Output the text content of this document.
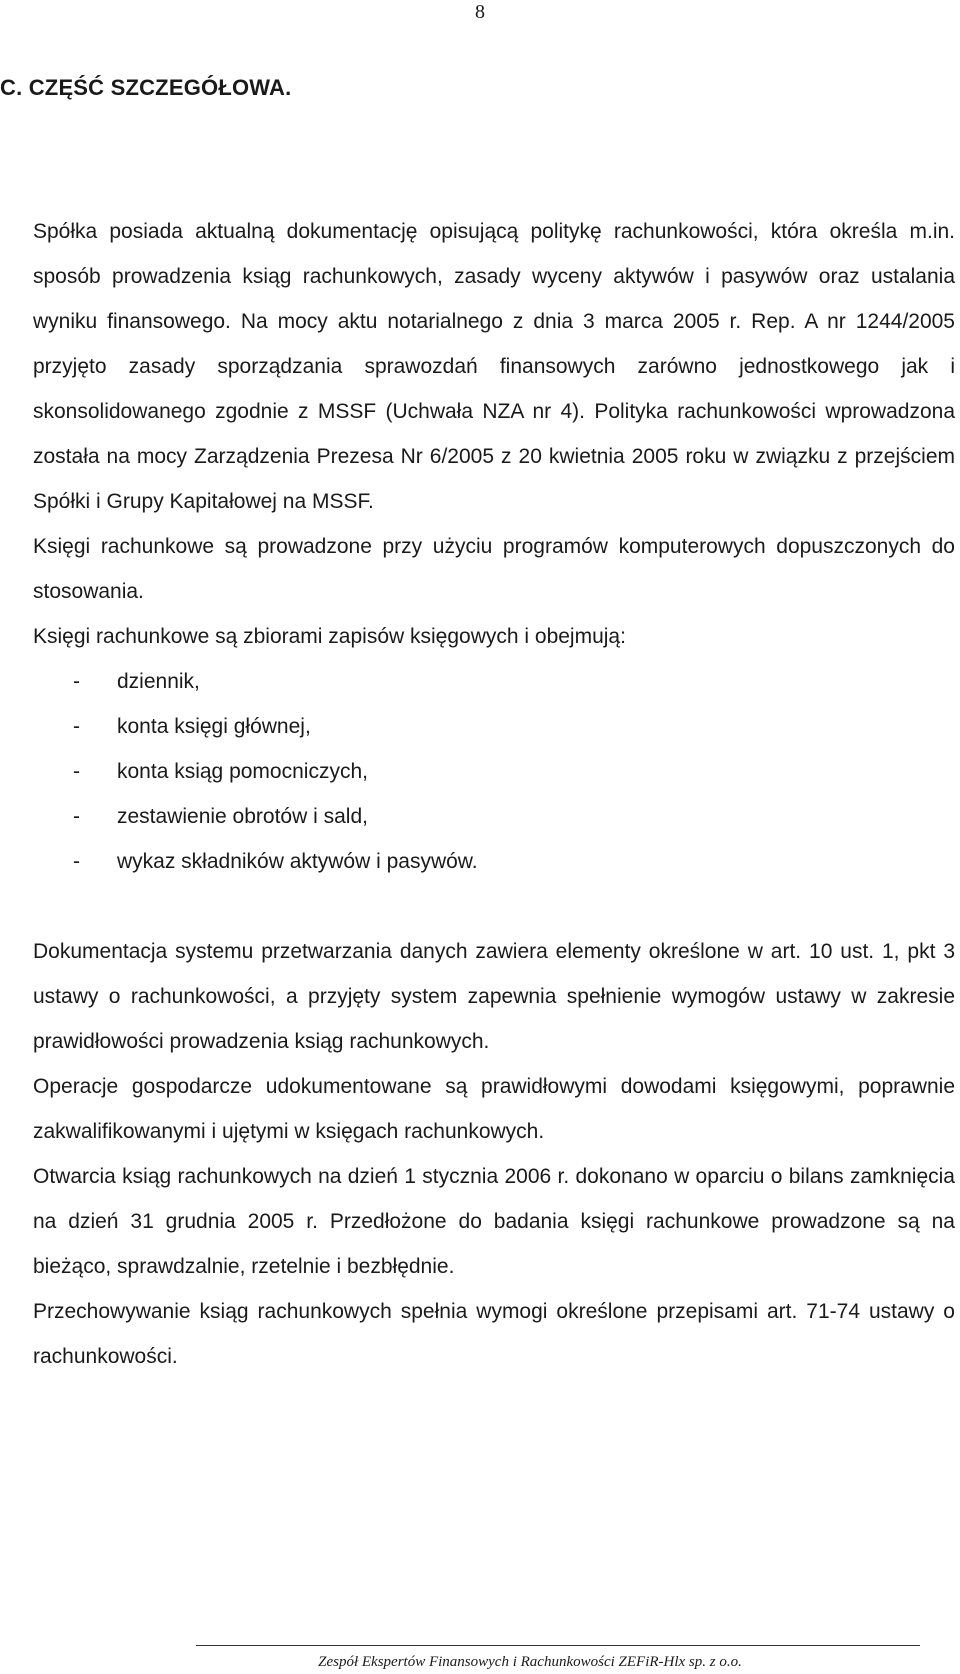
8
C. CZĘŚĆ SZCZEGÓŁOWA.

Spółka posiada aktualną dokumentację opisującą politykę rachunkowości, która określa m.in. sposób prowadzenia ksiąg rachunkowych, zasady wyceny aktywów i pasywów oraz ustalania wyniku finansowego. Na mocy aktu notarialnego z dnia 3 marca 2005 r. Rep. A nr 1244/2005 przyjęto zasady sporządzania sprawozdań finansowych zarówno jednostkowego jak i skonsolidowanego zgodnie z MSSF (Uchwała NZA nr 4). Polityka rachunkowości wprowadzona została na mocy Zarządzenia Prezesa Nr 6/2005 z 20 kwietnia 2005 roku w związku z przejściem Spółki i Grupy Kapitałowej na MSSF.

Księgi rachunkowe są prowadzone przy użyciu programów komputerowych dopuszczonych do stosowania.

Księgi rachunkowe są zbiorami zapisów księgowych i obejmują:

- dziennik,
- konta księgi głównej,
- konta ksiąg pomocniczych,
- zestawienie obrotów i sald,
- wykaz składników aktywów i pasywów.

Dokumentacja systemu przetwarzania danych zawiera elementy określone w art. 10 ust. 1, pkt 3 ustawy o rachunkowości, a przyjęty system zapewnia spełnienie wymogów ustawy w zakresie prawidłowości prowadzenia ksiąg rachunkowych.

Operacje gospodarcze udokumentowane są prawidłowymi dowodami księgowymi, poprawnie zakwalifikowanymi i ujętymi w księgach rachunkowych.

Otwarcia ksiąg rachunkowych na dzień 1 stycznia 2006 r. dokonano w oparciu o bilans zamknięcia na dzień 31 grudnia 2005 r. Przedłożone do badania księgi rachunkowe prowadzone są na bieżąco, sprawdzalnie, rzetelnie i bezbłędnie.

Przechowywanie ksiąg rachunkowych spełnia wymogi określone przepisami art. 71-74 ustawy o rachunkowości.

Zespół Ekspertów Finansowych i Rachunkowości ZEFiR-Hlx sp. z o.o.
